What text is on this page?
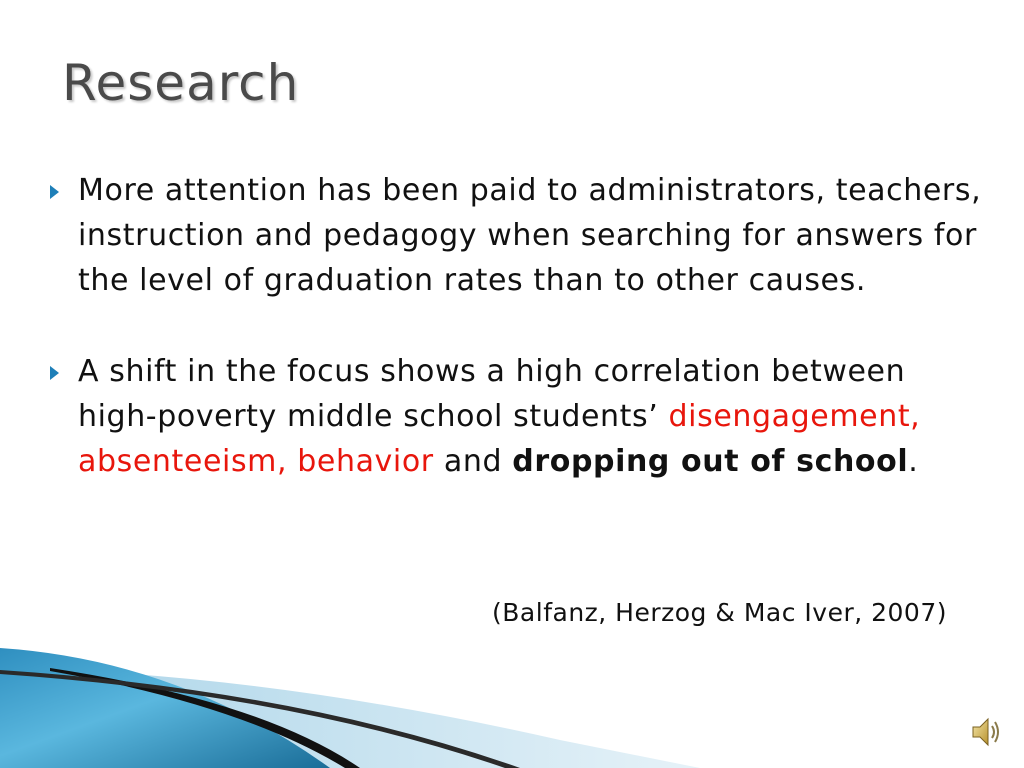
Research
More attention has been paid to administrators, teachers, instruction and pedagogy when searching for answers for the level of graduation rates than to other causes.
A shift in the focus shows a high correlation between high-poverty middle school students’ disengagement, absenteeism, behavior and dropping out of school.
(Balfanz, Herzog & Mac Iver, 2007)
